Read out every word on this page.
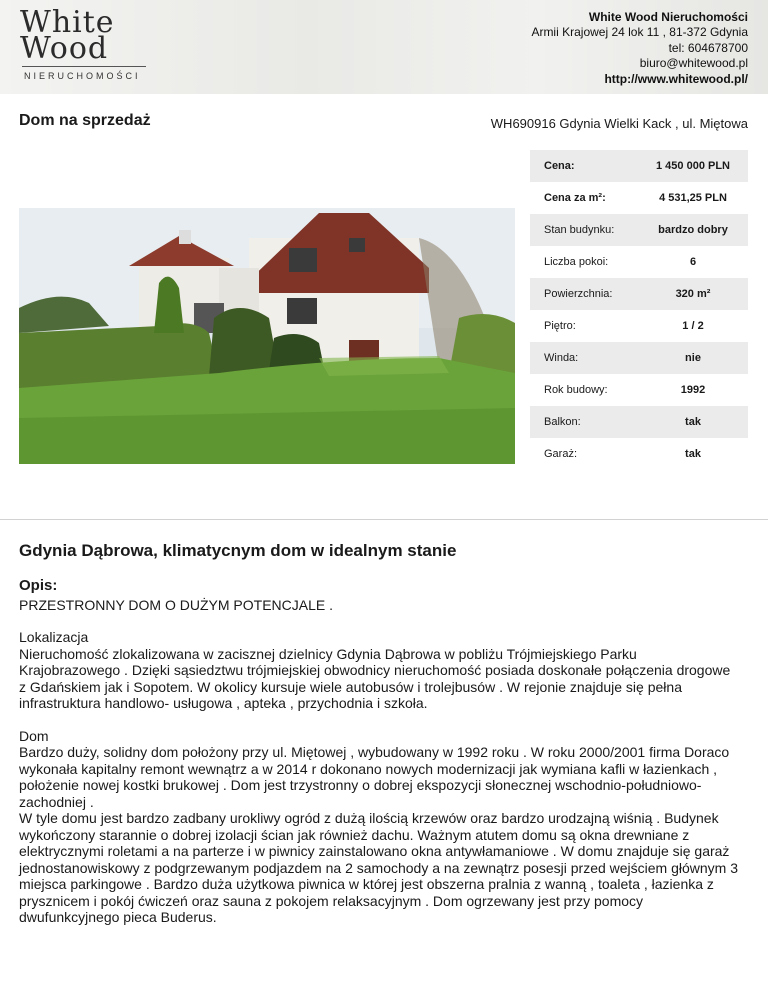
White
Wood
NIERUCHOMOŚCI
White Wood Nieruchomości
Armii Krajowej 24 lok 11 , 81-372 Gdynia
tel: 604678700
biuro@whitewood.pl
http://www.whitewood.pl/
Dom na sprzedaż	WH690916 Gdynia Wielki Kack , ul. Miętowa
Cena:	1 450 000 PLN
Cena za m²:	4 531,25 PLN
Stan budynku:	bardzo dobry
Liczba pokoi:	6
Powierzchnia:	320 m²
Piętro:	1 / 2
Winda:	nie
Rok budowy:	1992
Balkon:	tak
Garaż:	tak
Gdynia Dąbrowa, klimatycnym dom w idealnym stanie
Opis:

PRZESTRONNY DOM O DUŻYM POTENCJALE .

Lokalizacja

Nieruchomość zlokalizowana w zacisznej dzielnicy Gdynia Dąbrowa w pobliżu Trójmiejskiego Parku Krajobrazowego . Dzięki sąsiedztwu trójmiejskiej obwodnicy nieruchomość posiada doskonałe połączenia drogowe z Gdańskiem jak i Sopotem. W okolicy kursuje wiele autobusów i trolejbusów . W rejonie znajduje się pełna infrastruktura handlowo- usługowa , apteka , przychodnia i szkoła.

Dom

Bardzo duży, solidny dom położony przy ul. Miętowej , wybudowany w 1992 roku . W roku 2000/2001 firma Doraco wykonała kapitalny remont wewnątrz a w 2014 r dokonano nowych modernizacji jak wymiana kafli w łazienkach , położenie nowej kostki brukowej . Dom jest trzystronny o dobrej ekspozycji słonecznej wschodnio-południowo-zachodniej .

W tyle domu jest bardzo zadbany urokliwy ogród z dużą ilością krzewów oraz bardzo urodzajną wiśnią . Budynek wykończony starannie o dobrej izolacji ścian jak również dachu. Ważnym atutem domu są okna drewniane z elektrycznymi roletami a na parterze i w piwnicy zainstalowano okna antywłamaniowe . W domu znajduje się garaż jednostanowiskowy z podgrzewanym podjazdem na 2 samochody a na zewnątrz posesji przed wejściem głównym 3 miejsca parkingowe . Bardzo duża użytkowa piwnica w której jest obszerna pralnia z wanną , toaleta , łazienka z prysznicem i pokój ćwiczeń oraz sauna z pokojem relaksacyjnym . Dom ogrzewany jest przy pomocy dwufunkcyjnego pieca Buderus.
